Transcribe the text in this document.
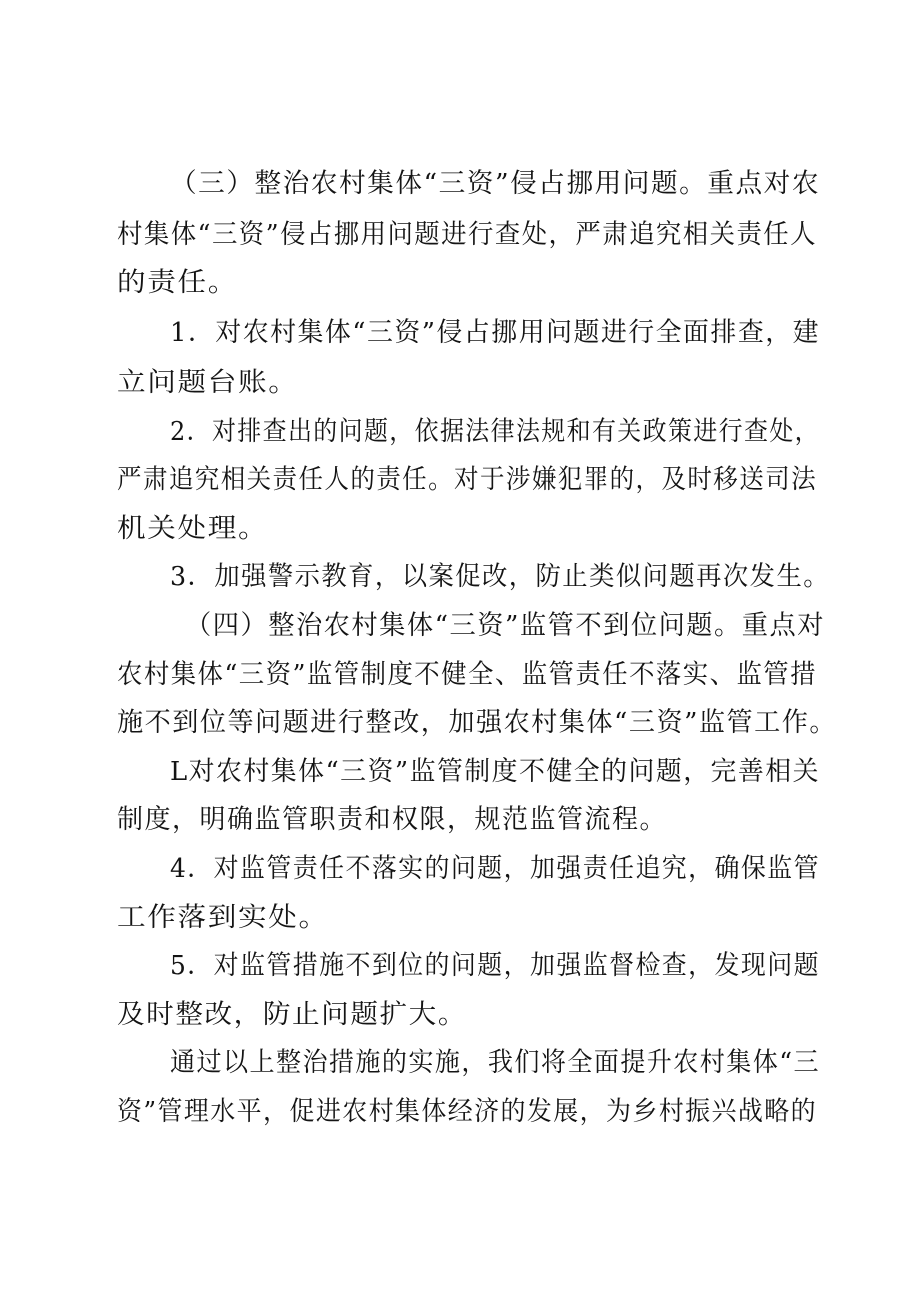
（三）整治农村集体“三资”侵占挪用问题。重点对农
村集体“三资”侵占挪用问题进行查处，严肃追究相关责任人
的责任。
1．对农村集体“三资”侵占挪用问题进行全面排查，建
立问题台账。
2．对排查出的问题，依据法律法规和有关政策进行查处，
严肃追究相关责任人的责任。对于涉嫌犯罪的，及时移送司法
机关处理。
3．加强警示教育，以案促改，防止类似问题再次发生。
（四）整治农村集体“三资”监管不到位问题。重点对
农村集体“三资”监管制度不健全、监管责任不落实、监管措
施不到位等问题进行整改，加强农村集体“三资”监管工作。
L对农村集体“三资”监管制度不健全的问题，完善相关
制度，明确监管职责和权限，规范监管流程。
4．对监管责任不落实的问题，加强责任追究，确保监管
工作落到实处。
5．对监管措施不到位的问题，加强监督检查，发现问题
及时整改，防止问题扩大。
通过以上整治措施的实施，我们将全面提升农村集体“三
资”管理水平，促进农村集体经济的发展，为乡村振兴战略的
